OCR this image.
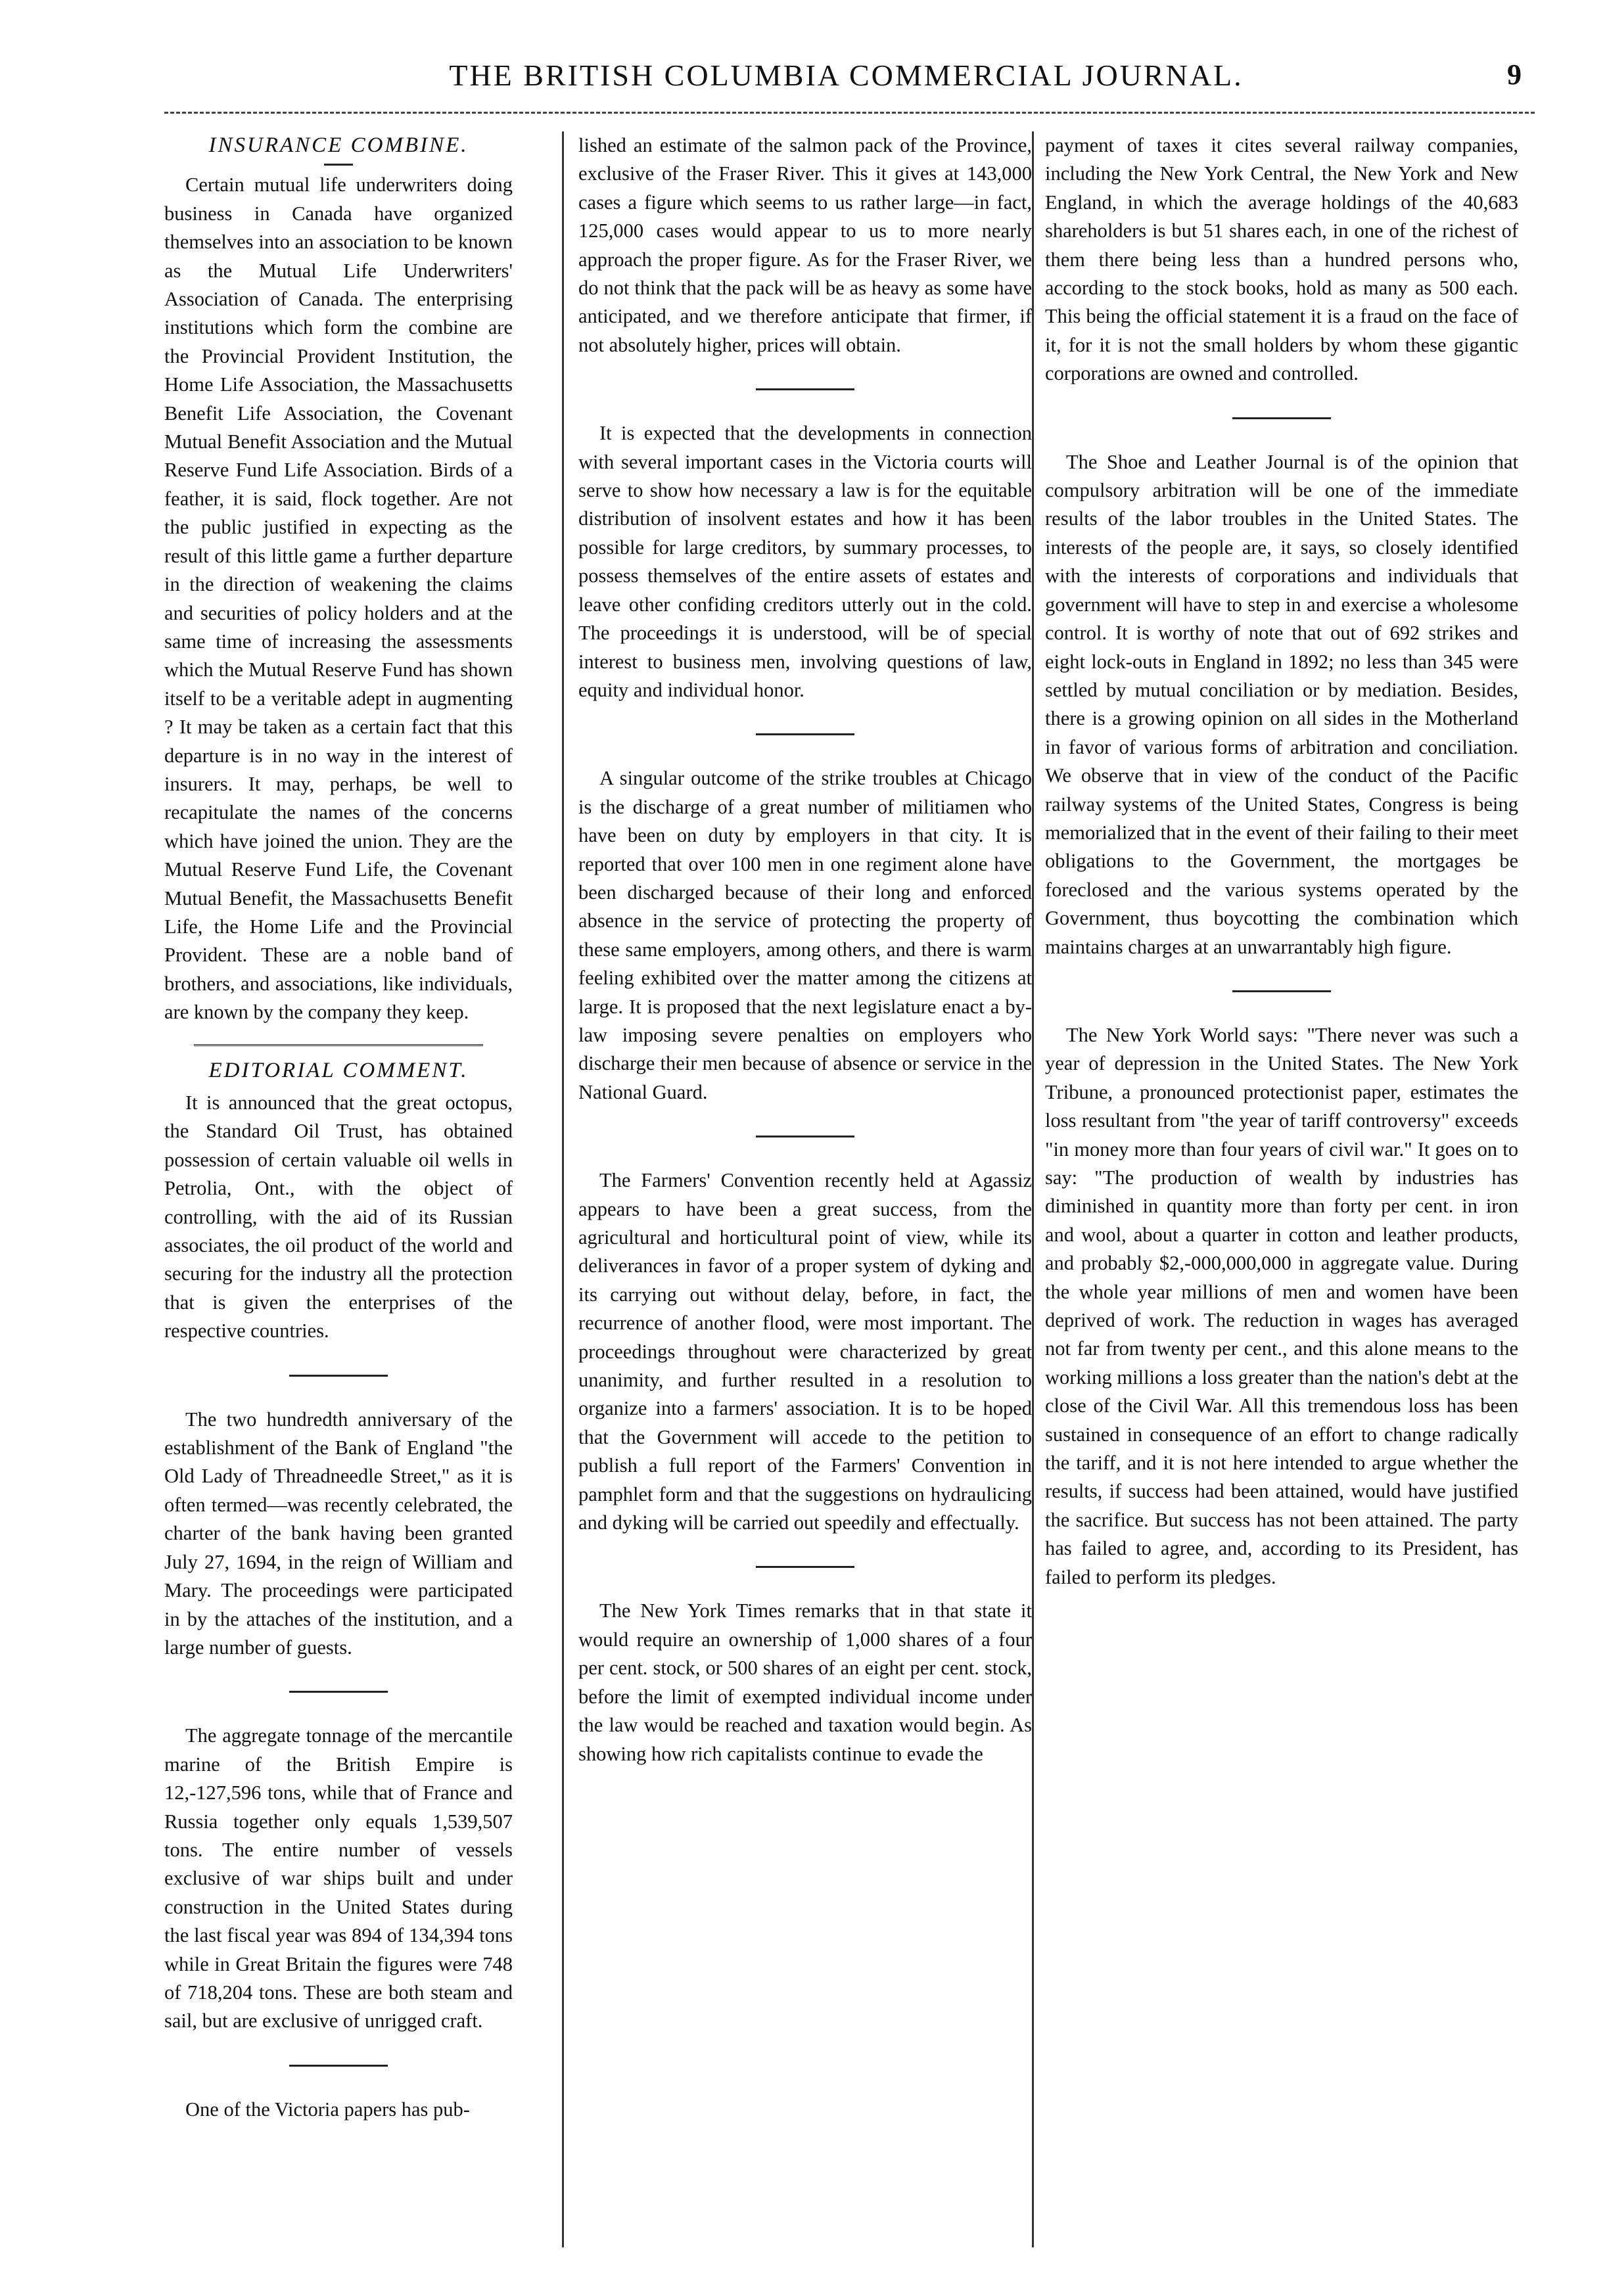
THE BRITISH COLUMBIA COMMERCIAL JOURNAL.	9
INSURANCE COMBINE.

Certain mutual life underwriters doing business in Canada have organized themselves into an association to be known as the Mutual Life Underwriters' Association of Canada. The enterprising institutions which form the combine are the Provincial Provident Institution, the Home Life Association, the Massachusetts Benefit Life Association, the Covenant Mutual Benefit Association and the Mutual Reserve Fund Life Association. Birds of a feather, it is said, flock together. Are not the public justified in expecting as the result of this little game a further departure in the direction of weakening the claims and securities of policy holders and at the same time of increasing the assessments which the Mutual Reserve Fund has shown itself to be a veritable adept in augmenting ? It may be taken as a certain fact that this departure is in no way in the interest of insurers. It may, perhaps, be well to recapitulate the names of the concerns which have joined the union. They are the Mutual Reserve Fund Life, the Covenant Mutual Benefit, the Massachusetts Benefit Life, the Home Life and the Provincial Provident. These are a noble band of brothers, and associations, like individuals, are known by the company they keep.

EDITORIAL COMMENT.

It is announced that the great octopus, the Standard Oil Trust, has obtained possession of certain valuable oil wells in Petrolia, Ont., with the object of controlling, with the aid of its Russian associates, the oil product of the world and securing for the industry all the protection that is given the enterprises of the respective countries.

The two hundredth anniversary of the establishment of the Bank of England "the Old Lady of Threadneedle Street," as it is often termed—was recently celebrated, the charter of the bank having been granted July 27, 1694, in the reign of William and Mary. The proceedings were participated in by the attaches of the institution, and a large number of guests.

The aggregate tonnage of the mercantile marine of the British Empire is 12,-127,596 tons, while that of France and Russia together only equals 1,539,507 tons. The entire number of vessels exclusive of war ships built and under construction in the United States during the last fiscal year was 894 of 134,394 tons while in Great Britain the figures were 748 of 718,204 tons. These are both steam and sail, but are exclusive of unrigged craft.

One of the Victoria papers has pub-

lished an estimate of the salmon pack of the Province, exclusive of the Fraser River. This it gives at 143,000 cases a figure which seems to us rather large—in fact, 125,000 cases would appear to us to more nearly approach the proper figure. As for the Fraser River, we do not think that the pack will be as heavy as some have anticipated, and we therefore anticipate that firmer, if not absolutely higher, prices will obtain.

It is expected that the developments in connection with several important cases in the Victoria courts will serve to show how necessary a law is for the equitable distribution of insolvent estates and how it has been possible for large creditors, by summary processes, to possess themselves of the entire assets of estates and leave other confiding creditors utterly out in the cold. The proceedings it is understood, will be of special interest to business men, involving questions of law, equity and individual honor.

A singular outcome of the strike troubles at Chicago is the discharge of a great number of militiamen who have been on duty by employers in that city. It is reported that over 100 men in one regiment alone have been discharged because of their long and enforced absence in the service of protecting the property of these same employers, among others, and there is warm feeling exhibited over the matter among the citizens at large. It is proposed that the next legislature enact a by-law imposing severe penalties on employers who discharge their men because of absence or service in the National Guard.

The Farmers' Convention recently held at Agassiz appears to have been a great success, from the agricultural and horticultural point of view, while its deliverances in favor of a proper system of dyking and its carrying out without delay, before, in fact, the recurrence of another flood, were most important. The proceedings throughout were characterized by great unanimity, and further resulted in a resolution to organize into a farmers' association. It is to be hoped that the Government will accede to the petition to publish a full report of the Farmers' Convention in pamphlet form and that the suggestions on hydraulicing and dyking will be carried out speedily and effectually.

The New York Times remarks that in that state it would require an ownership of 1,000 shares of a four per cent. stock, or 500 shares of an eight per cent. stock, before the limit of exempted individual income under the law would be reached and taxation would begin. As showing how rich capitalists continue to evade the

payment of taxes it cites several railway companies, including the New York Central, the New York and New England, in which the average holdings of the 40,683 shareholders is but 51 shares each, in one of the richest of them there being less than a hundred persons who, according to the stock books, hold as many as 500 each. This being the official statement it is a fraud on the face of it, for it is not the small holders by whom these gigantic corporations are owned and controlled.

The Shoe and Leather Journal is of the opinion that compulsory arbitration will be one of the immediate results of the labor troubles in the United States. The interests of the people are, it says, so closely identified with the interests of corporations and individuals that government will have to step in and exercise a wholesome control. It is worthy of note that out of 692 strikes and eight lock-outs in England in 1892; no less than 345 were settled by mutual conciliation or by mediation. Besides, there is a growing opinion on all sides in the Motherland in favor of various forms of arbitration and conciliation. We observe that in view of the conduct of the Pacific railway systems of the United States, Congress is being memorialized that in the event of their failing to their meet obligations to the Government, the mortgages be foreclosed and the various systems operated by the Government, thus boycotting the combination which maintains charges at an unwarrantably high figure.

The New York World says: "There never was such a year of depression in the United States. The New York Tribune, a pronounced protectionist paper, estimates the loss resultant from "the year of tariff controversy" exceeds "in money more than four years of civil war." It goes on to say: "The production of wealth by industries has diminished in quantity more than forty per cent. in iron and wool, about a quarter in cotton and leather products, and probably $2,-000,000,000 in aggregate value. During the whole year millions of men and women have been deprived of work. The reduction in wages has averaged not far from twenty per cent., and this alone means to the working millions a loss greater than the nation's debt at the close of the Civil War. All this tremendous loss has been sustained in consequence of an effort to change radically the tariff, and it is not here intended to argue whether the results, if success had been attained, would have justified the sacrifice. But success has not been attained. The party has failed to agree, and, according to its President, has failed to perform its pledges.
